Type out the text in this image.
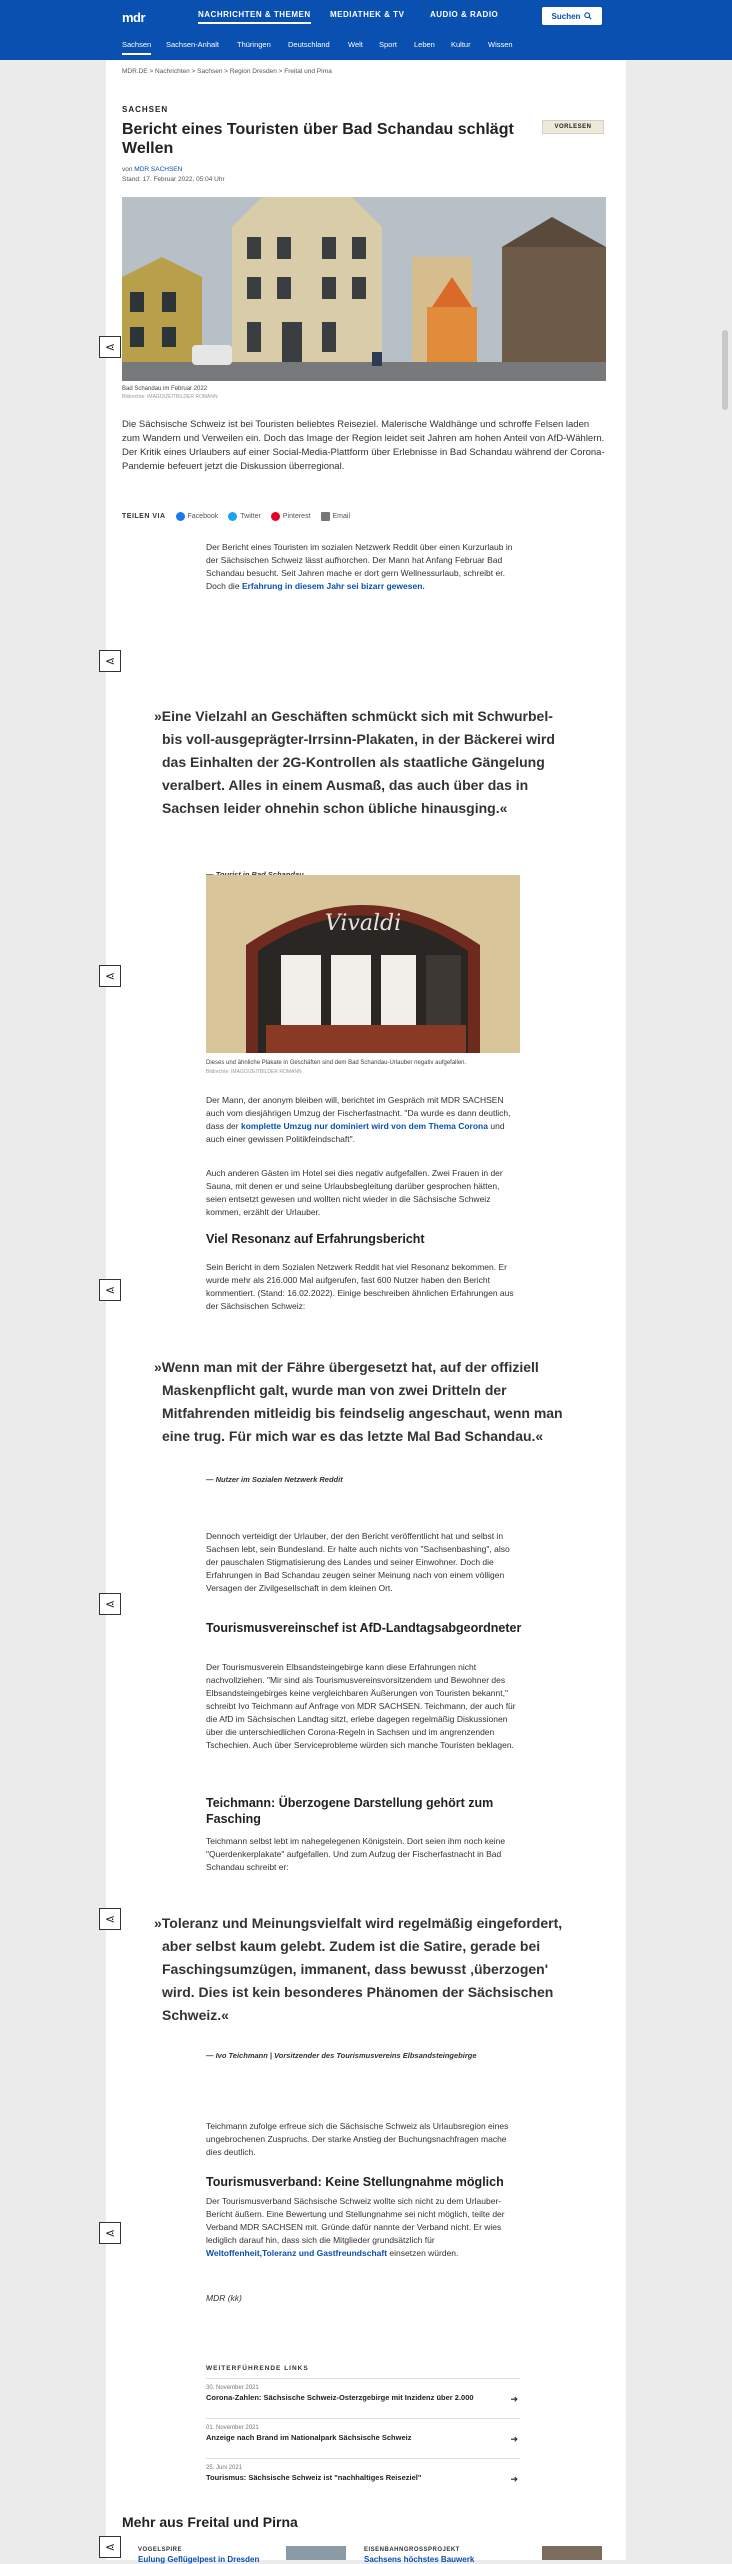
mdr	NACHRICHTEN & THEMEN MEDIATHEK & TV	AUDIO & RADIO	Suchen
Sachsen Sachsen-Anhalt Thüringen Deutschland Welt Sport Leben Kultur Wissen
MDR.DE > Nachrichten > Sachsen > Region Dresden > Freital und Pirna
SACHSEN
Bericht eines Touristen über Bad Schandau schlägt Wellen
VORLESEN
von MDR SACHSEN
Stand: 17. Februar 2022, 05:04 Uhr
Bad Schandau im Februar 2022
Bildrechte: IMAGO/ZEITBILDER ROMANN
Die Sächsische Schweiz ist bei Touristen beliebtes Reiseziel. Malerische Waldhänge und schroffe Felsen laden zum Wandern und Verweilen ein. Doch das Image der Region leidet seit Jahren am hohen Anteil von AfD-Wählern. Der Kritik eines Urlaubers auf einer Social-Media-Plattform über Erlebnisse in Bad Schandau während der Corona-Pandemie befeuert jetzt die Diskussion überregional.
TEILEN VIA	Facebook	Twitter	Pinterest	Email
Der Bericht eines Touristen im sozialen Netzwerk Reddit über einen Kurzurlaub in der Sächsischen Schweiz lässt aufhorchen. Der Mann hat Anfang Februar Bad Schandau besucht. Seit Jahren mache er dort gern Wellnessurlaub, schreibt er. Doch die Erfahrung in diesem Jahr sei bizarr gewesen.
»Eine Vielzahl an Geschäften schmückt sich mit Schwurbel- bis voll-ausgeprägter-Irrsinn-Plakaten, in der Bäckerei wird das Einhalten der 2G-Kontrollen als staatliche Gängelung veralbert. Alles in einem Ausmaß, das auch über das in Sachsen leider ohnehin schon übliche hinausging.«
Vivaldi
Dieses und ähnliche Plakate in Geschäften sind dem Bad Schandau-Urlauber negativ aufgefallen.
Bildrechte: IMAGO/ZEITBILDER ROMANN
Der Mann, der anonym bleiben will, berichtet im Gespräch mit MDR SACHSEN auch vom diesjährigen Umzug der Fischerfastnacht. "Da wurde es dann deutlich, dass der komplette Umzug nur dominiert wird von dem Thema Corona und auch einer gewissen Politikfeindschaft".
Auch anderen Gästen im Hotel sei dies negativ aufgefallen. Zwei Frauen in der Sauna, mit denen er und seine Urlaubsbegleitung darüber gesprochen hätten, seien entsetzt gewesen und wollten nicht wieder in die Sächsische Schweiz kommen, erzählt der Urlauber.
Viel Resonanz auf Erfahrungsbericht
Sein Bericht in dem Sozialen Netzwerk Reddit hat viel Resonanz bekommen. Er wurde mehr als 216.000 Mal aufgerufen, fast 600 Nutzer haben den Bericht kommentiert. (Stand: 16.02.2022). Einige beschreiben ähnlichen Erfahrungen aus der Sächsischen Schweiz:
»Wenn man mit der Fähre übergesetzt hat, auf der offiziell Maskenpflicht galt, wurde man von zwei Dritteln der Mitfahrenden mitleidig bis feindselig angeschaut, wenn man eine trug. Für mich war es das letzte Mal Bad Schandau.«
— Nutzer im Sozialen Netzwerk Reddit
Dennoch verteidigt der Urlauber, der den Bericht veröffentlicht hat und selbst in Sachsen lebt, sein Bundesland. Er halte auch nichts von "Sachsenbashing", also der pauschalen Stigmatisierung des Landes und seiner Einwohner. Doch die Erfahrungen in Bad Schandau zeugen seiner Meinung nach von einem völligen Versagen der Zivilgesellschaft in dem kleinen Ort.
Tourismusvereinschef ist AfD-Landtagsabgeordneter
Der Tourismusverein Elbsandsteingebirge kann diese Erfahrungen nicht nachvollziehen. "Mir sind als Tourismusvereinsvorsitzendem und Bewohner des Elbsandsteingebirges keine vergleichbaren Äußerungen von Touristen bekannt," schreibt Ivo Teichmann auf Anfrage von MDR SACHSEN. Teichmann, der auch für die AfD im Sächsischen Landtag sitzt, erlebe dagegen regelmäßig Diskussionen über die unterschiedlichen Corona-Regeln in Sachsen und im angrenzenden Tschechien. Auch über Serviceprobleme würden sich manche Touristen beklagen.
Teichmann: Überzogene Darstellung gehört zum Fasching
Teichmann selbst lebt im nahegelegenen Königstein. Dort seien ihm noch keine "Querdenkerplakate" aufgefallen. Und zum Aufzug der Fischerfastnacht in Bad Schandau schreibt er:
»Toleranz und Meinungsvielfalt wird regelmäßig eingefordert, aber selbst kaum gelebt. Zudem ist die Satire, gerade bei Faschingsumzügen, immanent, dass bewusst ‚überzogen' wird. Dies ist kein besonderes Phänomen der Sächsischen Schweiz.«
— Ivo Teichmann | Vorsitzender des Tourismusvereins Elbsandsteingebirge
Teichmann zufolge erfreue sich die Sächsische Schweiz als Urlaubsregion eines ungebrochenen Zuspruchs. Der starke Anstieg der Buchungsnachfragen mache dies deutlich.
Tourismusverband: Keine Stellungnahme möglich
Der Tourismusverband Sächsische Schweiz wollte sich nicht zu dem Urlauber-Bericht äußern. Eine Bewertung und Stellungnahme sei nicht möglich, teilte der Verband MDR SACHSEN mit. Gründe dafür nannte der Verband nicht. Er wies lediglich darauf hin, dass sich die Mitglieder grundsätzlich für Weltoffenheit,Toleranz und Gastfreundschaft einsetzen würden.
MDR (kk)
WEITERFÜHRENDE LINKS
30. November 2021
Corona-Zahlen: Sächsische Schweiz-Osterzgebirge mit Inzidenz über 2.000	➔
01. November 2021
Anzeige nach Brand im Nationalpark Sächsische Schweiz	➔
25. Juni 2021
Tourismus: Sächsische Schweiz ist "nachhaltiges Reiseziel"	➔
Mehr aus Freital und Pirna
VOGELSPIRE
Eulung Geflügelpest in Dresden
EISENBAHNGROSSPROJEKT
Sachsens höchstes Bauwerk
⋖
⋖
⋖
⋖
⋖
⋖
⋖
⋖
